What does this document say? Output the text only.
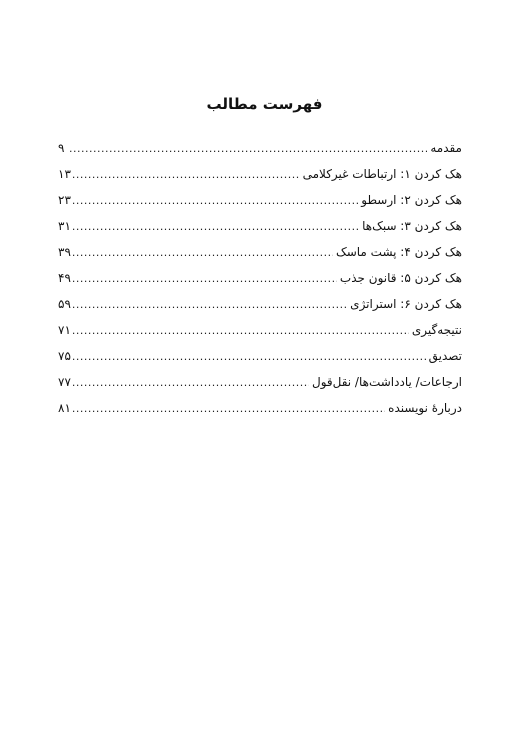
فهرست مطالب
مقدمه
.....
۹
هک کردن ۱: ارتباطات غیرکلامی
.....
۱۳
هک کردن ۲: ارسطو
.....
۲۳
هک کردن ۳: سبک‌ها
.....
۳۱
هک کردن ۴: پشت ماسک
.....
۳۹
هک کردن ۵: قانون جذب
.....
۴۹
هک کردن ۶: استراتژی
.....
۵۹
نتیجه‌گیری
.....
۷۱
تصدیق
.....
۷۵
ارجاعات/ یادداشت‌ها/ نقل‌قول
.....
۷۷
دربارهٔ نویسنده
.....
۸۱
